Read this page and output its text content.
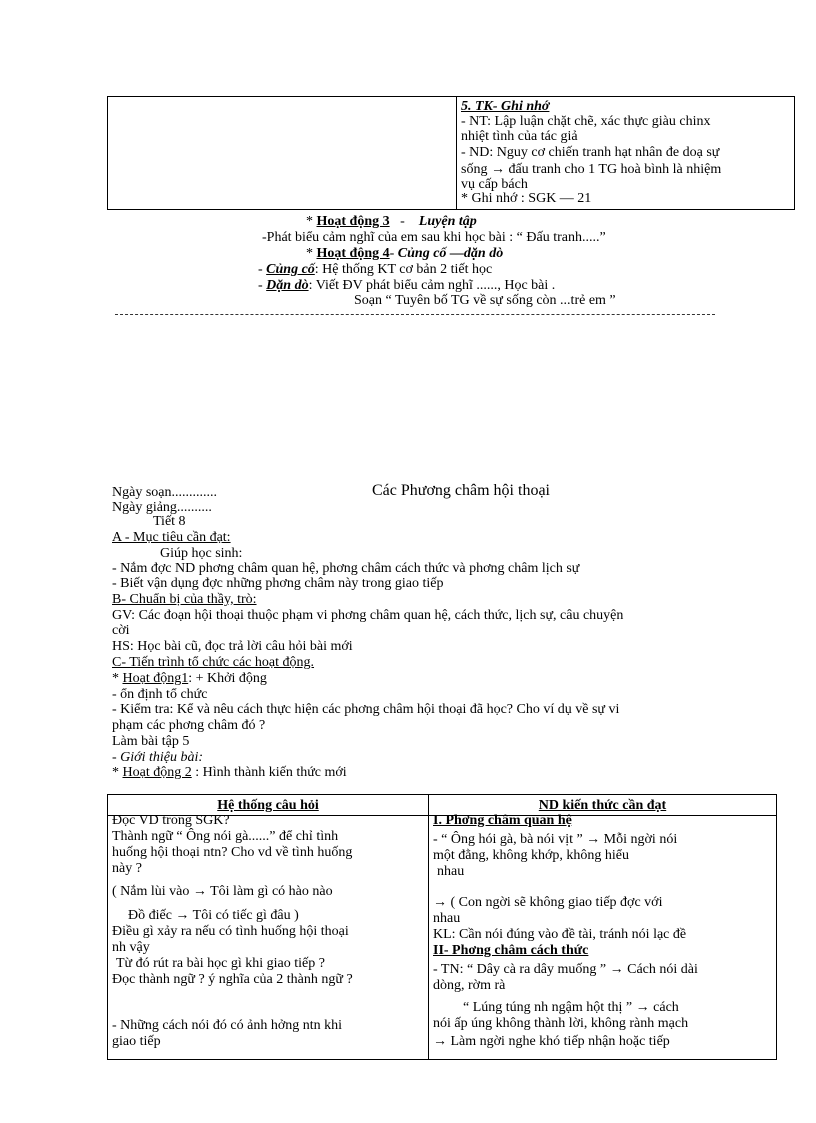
5. TK- Ghi nhớ
- NT: Lập luận chặt chẽ, xác thực giàu chinx
nhiệt tình của tác giả
- ND: Nguy cơ chiến tranh hạt nhân đe doạ sự
sống → đấu tranh cho 1 TG hoà bình là nhiệm
vụ cấp bách
* Ghi nhớ : SGK — 21
* Hoạt động 3 - Luyện tập
-Phát biểu cảm nghĩ của em sau khi học bài : “ Đấu tranh.....”
* Hoạt động 4- Củng cố —dặn dò
- Củng cố: Hệ thống KT cơ bản 2 tiết học
- Dặn dò: Viết ĐV phát biểu cảm nghĩ ......, Học bài .
Soạn “ Tuyên bố TG về sự sống còn ...trẻ em ”
Ngày soạn.............	Các Phương châm hội thoại
Ngày giảng..........
Tiết 8
A - Mục tiêu cần đạt:
Giúp học sinh:
- Nắm đợc ND phơng châm quan hệ, phơng châm cách thức và phơng châm lịch sự
- Biết vận dụng đợc những phơng châm này trong giao tiếp
B- Chuẩn bị của thầy, trò:
GV: Các đoạn hội thoại thuộc phạm vi phơng châm quan hệ, cách thức, lịch sự, câu chuyện
cời
HS: Học bài cũ, đọc trả lời câu hỏi bài mới
C- Tiến trình tổ chức các hoạt động.
* Hoạt động1: + Khởi động
- ổn định tổ chức
- Kiểm tra: Kể và nêu cách thực hiện các phơng châm hội thoại đã học? Cho ví dụ về sự vi
phạm các phơng châm đó ?
Làm bài tập 5
- Giới thiệu bài:
* Hoạt động 2 : Hình thành kiến thức mới
Hệ thống câu hỏi	ND kiến thức cần đạt
Đọc VD trong SGK?
Thành ngữ “ Ông nói gà......” để chỉ tình
huống hội thoại ntn? Cho vd về tình huống
này ?
( Nắm lùi vào → Tôi làm gì có hào nào
Đồ điếc → Tôi có tiếc gì đâu )
Điều gì xảy ra nếu có tình huống hội thoại
nh vậy
Từ đó rút ra bài học gì khi giao tiếp ?
Đọc thành ngữ ? ý nghĩa của 2 thành ngữ ?
- Những cách nói đó có ảnh hởng ntn khi
giao tiếp
I. Phơng châm quan hệ
- “ Ông hói gà, bà nói vịt ” → Mỗi ngời nói
một đằng, không khớp, không hiểu
nhau
→ ( Con ngời sẽ không giao tiếp đợc với
nhau
KL: Cần nói đúng vào đề tài, tránh nói lạc đề
II- Phơng châm cách thức
- TN: “ Dây cà ra dây muống ” → Cách nói dài
dòng, rờm rà
“ Lúng túng nh ngậm hột thị ” → cách
nói ấp úng không thành lời, không rành mạch
→ Làm ngời nghe khó tiếp nhận hoặc tiếp
